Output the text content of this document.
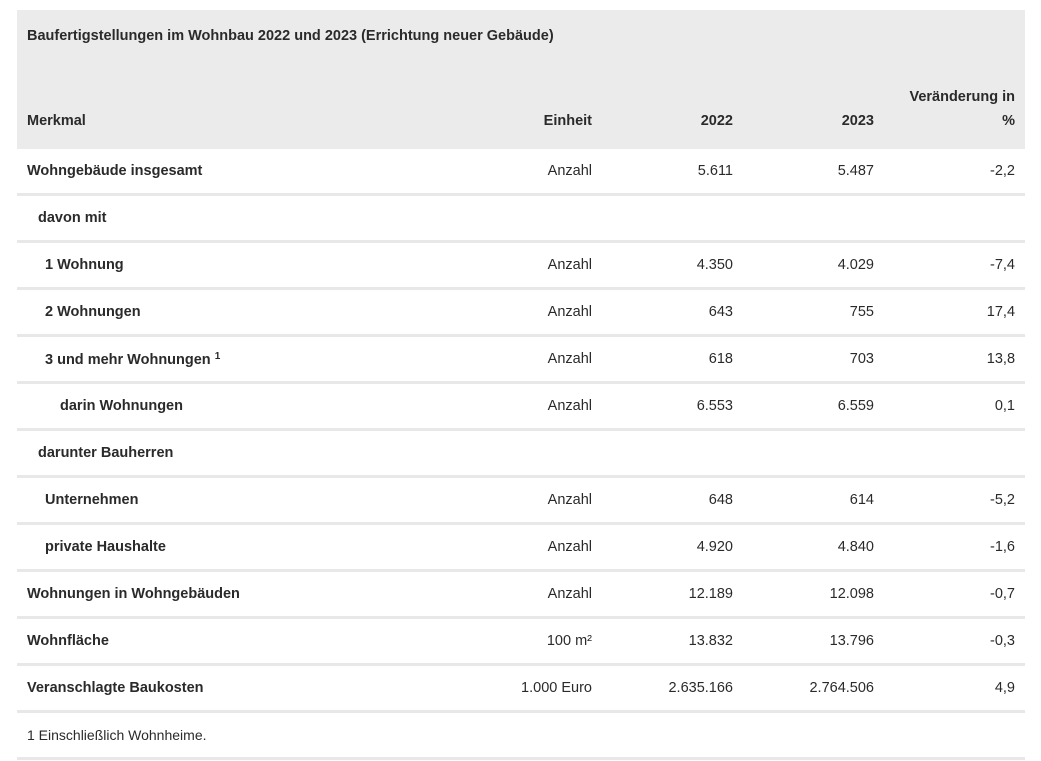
Baufertigstellungen im Wohnbau 2022 und 2023 (Errichtung neuer Gebäude)				
Merkmal	Einheit	2022	2023	Veränderung in
%
Wohngebäude insgesamt	Anzahl	5.611	5.487	-2,2
davon mit				
1 Wohnung	Anzahl	4.350	4.029	-7,4
2 Wohnungen	Anzahl	643	755	17,4
3 und mehr Wohnungen $^1$	Anzahl	618	703	13,8
darin Wohnungen	Anzahl	6.553	6.559	0,1
darunter Bauherren				
Unternehmen	Anzahl	648	614	-5,2
private Haushalte	Anzahl	4.920	4.840	-1,6
Wohnungen in Wohngebäuden	Anzahl	12.189	12.098	-0,7
Wohnfläche	100 m²	13.832	13.796	-0,3
Veranschlagte Baukosten	1.000 Euro	2.635.166	2.764.506	4,9
1 Einschließlich Wohnheime.				
